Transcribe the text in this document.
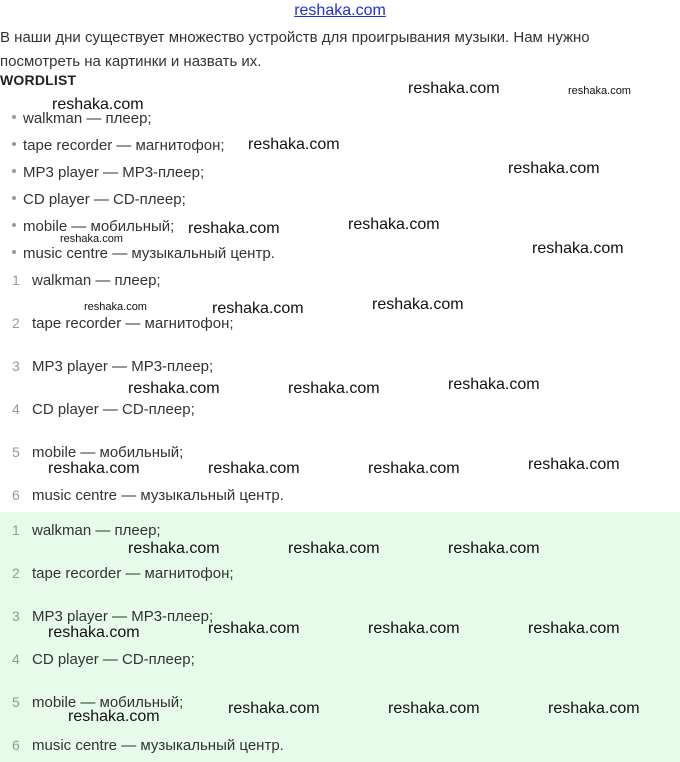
reshaka.com
В наши дни существует множество устройств для проигрывания музыки. Нам нужно посмотреть на картинки и назвать их.
WORDLIST
walkman — плеер;
tape recorder — магнитофон;
MP3 player — MP3-плеер;
CD player — CD-плеер;
mobile — мобильный;
music centre — музыкальный центр.
1 walkman — плеер;
2 tape recorder — магнитофон;
3 MP3 player — MP3-плеер;
4 CD player — CD-плеер;
5 mobile — мобильный;
6 music centre — музыкальный центр.
1 walkman — плеер;
2 tape recorder — магнитофон;
3 MP3 player — MP3-плеер;
4 CD player — CD-плеер;
5 mobile — мобильный;
6 music centre — музыкальный центр.
reshaka.com	reshaka.com
reshaka.com
reshaka.com
reshaka.com
reshaka.com	reshaka.com
reshaka.com
reshaka.com
reshaka.com	reshaka.com	reshaka.com
reshaka.com	reshaka.com	reshaka.com
reshaka.com	reshaka.com	reshaka.com	reshaka.com
reshaka.com	reshaka.com	reshaka.com
reshaka.com	reshaka.com	reshaka.com	reshaka.com
reshaka.com	reshaka.com	reshaka.com
reshaka.com
